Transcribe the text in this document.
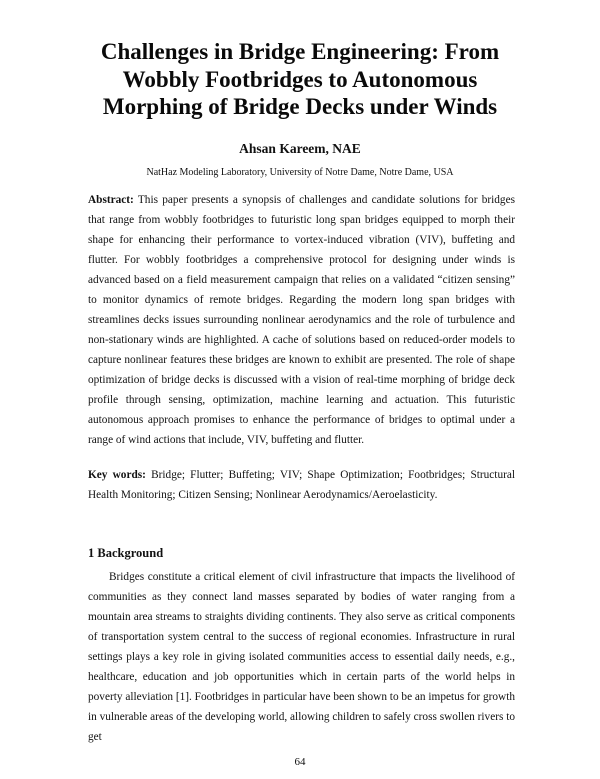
Challenges in Bridge Engineering: From
Wobbly Footbridges to Autonomous
Morphing of Bridge Decks under Winds
Ahsan Kareem, NAE
NatHaz Modeling Laboratory, University of Notre Dame, Notre Dame, USA
Abstract: This paper presents a synopsis of challenges and candidate solutions for bridges that range from wobbly footbridges to futuristic long span bridges equipped to morph their shape for enhancing their performance to vortex-induced vibration (VIV), buffeting and flutter. For wobbly footbridges a comprehensive protocol for designing under winds is advanced based on a field measurement campaign that relies on a validated “citizen sensing” to monitor dynamics of remote bridges. Regarding the modern long span bridges with streamlines decks issues surrounding nonlinear aerodynamics and the role of turbulence and non-stationary winds are highlighted. A cache of solutions based on reduced-order models to capture nonlinear features these bridges are known to exhibit are presented. The role of shape optimization of bridge decks is discussed with a vision of real-time morphing of bridge deck profile through sensing, optimization, machine learning and actuation. This futuristic autonomous approach promises to enhance the performance of bridges to optimal under a range of wind actions that include, VIV, buffeting and flutter.
Key words: Bridge; Flutter; Buffeting; VIV; Shape Optimization; Footbridges; Structural Health Monitoring; Citizen Sensing; Nonlinear Aerodynamics/Aeroelasticity.
1 Background
Bridges constitute a critical element of civil infrastructure that impacts the livelihood of communities as they connect land masses separated by bodies of water ranging from a mountain area streams to straights dividing continents. They also serve as critical components of transportation system central to the success of regional economies. Infrastructure in rural settings plays a key role in giving isolated communities access to essential daily needs, e.g., healthcare, education and job opportunities which in certain parts of the world helps in poverty alleviation [1]. Footbridges in particular have been shown to be an impetus for growth in vulnerable areas of the developing world, allowing children to safely cross swollen rivers to get
64
